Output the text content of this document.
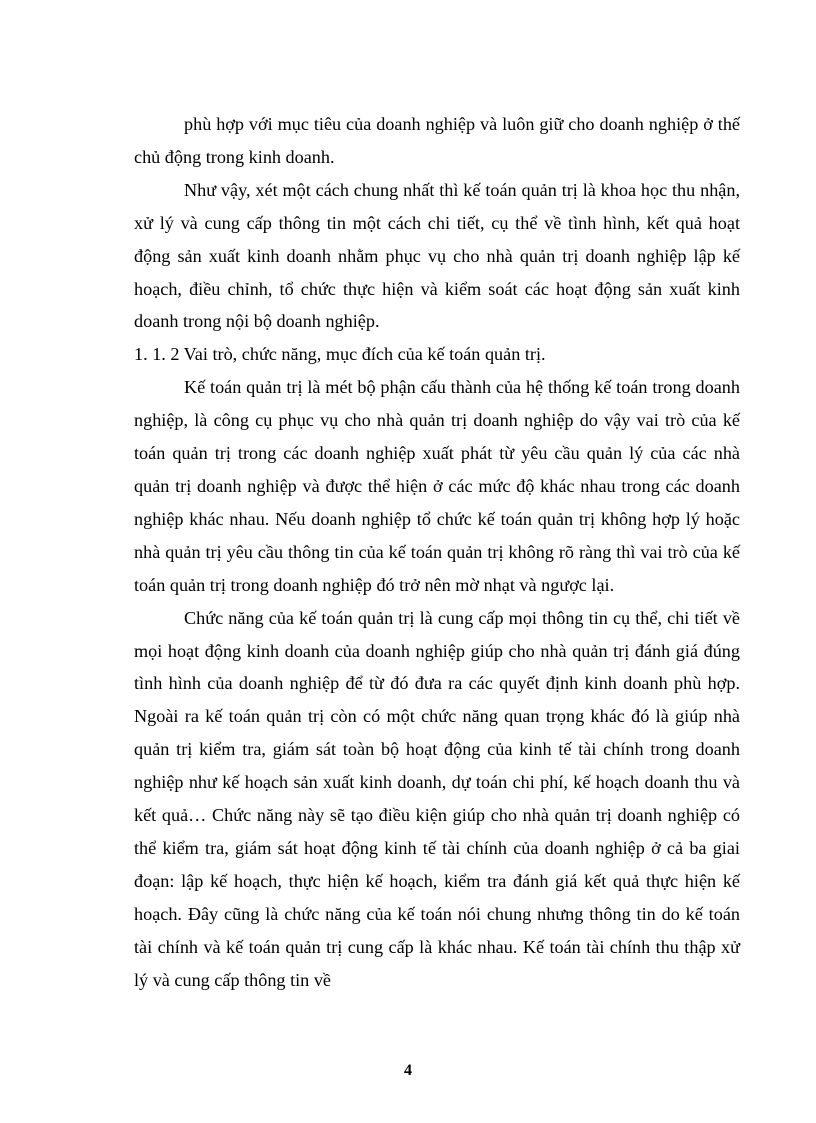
phù hợp với mục tiêu của doanh nghiệp và luôn giữ cho doanh nghiệp ở thế chủ động trong kinh doanh.

Như vậy, xét một cách chung nhất thì kế toán quản trị là khoa học thu nhận, xử lý và cung cấp thông tin một cách chi tiết, cụ thể về tình hình, kết quả hoạt động sản xuất kinh doanh nhằm phục vụ cho nhà quản trị doanh nghiệp lập kế hoạch, điều chỉnh, tổ chức thực hiện và kiểm soát các hoạt động sản xuất kinh doanh trong nội bộ doanh nghiệp.

1. 1. 2 Vai trò, chức năng, mục đích của kế toán quản trị.

Kế toán quản trị là mét bộ phận cấu thành của hệ thống kế toán trong doanh nghiệp, là công cụ phục vụ cho nhà quản trị doanh nghiệp do vậy vai trò của kế toán quản trị trong các doanh nghiệp xuất phát từ yêu cầu quản lý của các nhà quản trị doanh nghiệp và được thể hiện ở các mức độ khác nhau trong các doanh nghiệp khác nhau. Nếu doanh nghiệp tổ chức kế toán quản trị không hợp lý hoặc nhà quản trị yêu cầu thông tin của kế toán quản trị không rõ ràng thì vai trò của kế toán quản trị trong doanh nghiệp đó trở nên mờ nhạt và ngược lại.

Chức năng của kế toán quản trị là cung cấp mọi thông tin cụ thể, chi tiết về mọi hoạt động kinh doanh của doanh nghiệp giúp cho nhà quản trị đánh giá đúng tình hình của doanh nghiệp để từ đó đưa ra các quyết định kinh doanh phù hợp. Ngoài ra kế toán quản trị còn có một chức năng quan trọng khác đó là giúp nhà quản trị kiểm tra, giám sát toàn bộ hoạt động của kinh tế tài chính trong doanh nghiệp như kế hoạch sản xuất kinh doanh, dự toán chi phí, kế hoạch doanh thu và kết quả… Chức năng này sẽ tạo điều kiện giúp cho nhà quản trị doanh nghiệp có thể kiểm tra, giám sát hoạt động kinh tế tài chính của doanh nghiệp ở cả ba giai đoạn: lập kế hoạch, thực hiện kế hoạch, kiểm tra đánh giá kết quả thực hiện kế hoạch. Đây cũng là chức năng của kế toán nói chung nhưng thông tin do kế toán tài chính và kế toán quản trị cung cấp là khác nhau. Kế toán tài chính thu thập xử lý và cung cấp thông tin về

4
